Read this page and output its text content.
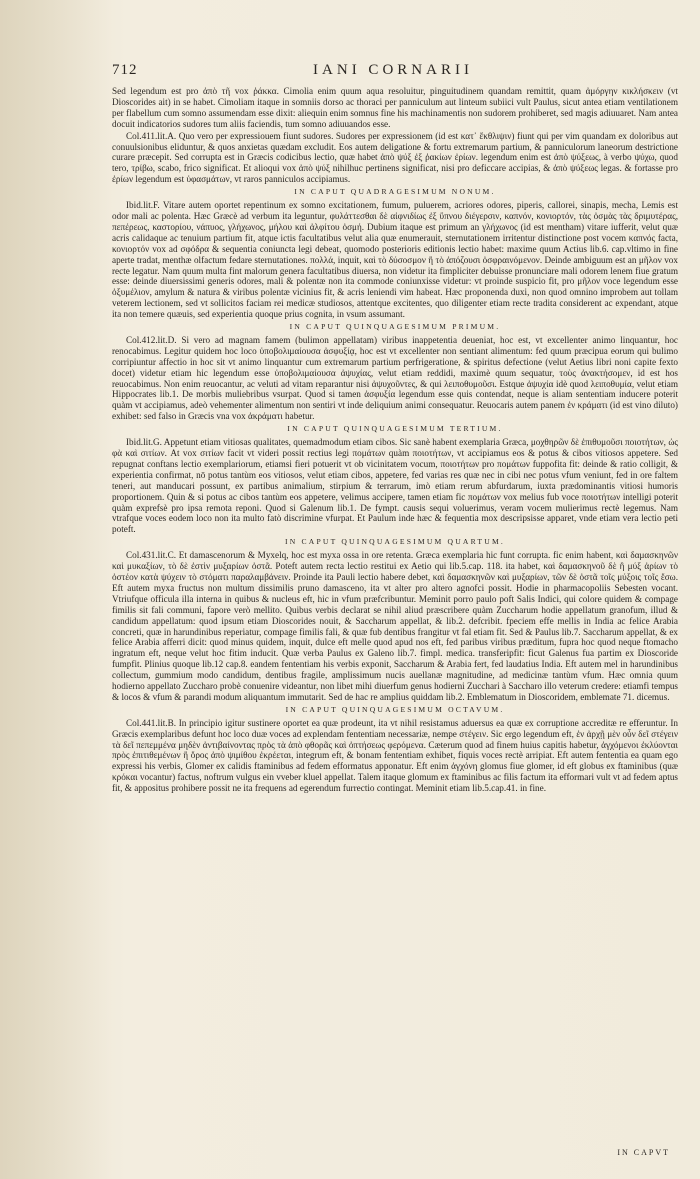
712	IANI CORNARII

Sed legendum est pro ἀπὸ τῆ vox ῥάκκα. Cimolia enim quum aqua resoluitur, pinguitudinem quandam remittit, quam ἀμόργην κικλήσκειν (vt Dioscorides ait) in se habet. Cimoliam itaque in somniis dorso ac thoraci per panniculum aut linteum subiici vult Paulus, sicut antea etiam ventilationem per flabellum cum somno assumendam esse dixit: aliequin enim somnus fine his machinamentis non sudorem prohiberet, sed magis adiuuaret. Nam antea docuit indicatorios sudores tum aliis faciendis, tum somno adiuuandos esse.

Col.411.lit.A. Quo vero per expressiouem fiunt sudores. Sudores per expressionem (id est κατ᾽ ἔκθλιψιν) fiunt qui per vim quandam ex doloribus aut conuulsionibus eliduntur, & quos anxietas quædam excludit. Eos autem deligatione & fortu extremarum partium, & panniculorum laneorum destrictione curare præcepit. Sed corrupta est in Græcis codicibus lectio, quæ habet ἀπὸ ψύξ ἐξ ῥακίων ἐρίων. legendum enim est ἀπὸ ψύξεως, à verbo ψύχω, quod tero, τρίβω, scabo, frico significat. Et alioqui vox ἀπὸ ψύξ nihilhuc pertinens significat, nisi pro deficcare accipias, & ἀπὸ ψύξεως legas. & fortasse pro ἐρίων legendum est ὑφασμάτων, vt raros panniculos accipiamus.

IN CAPUT QUADRAGESIMUM NONUM.

Ibid.lit.F. Vitare autem oportet repentinum ex somno excitationem, fumum, puluerem, acriores odores, piperis, callorei, sinapis, mecha, Lemis est odor mali ac polenta. Hæc Græcè ad verbum ita leguntur, φυλάττεσθαι δὲ αἰφνιδίως ἐξ ὕπνου διέγερσιν, καπνόν, κονιορτόν, τὰς ὀσμὰς τὰς δριμυτέρας, πεπέρεως, καστορίου, νάπυος, γλήχωνος, μήλου καὶ ἀλφίτου ὀσμή. Dubium itaque est primum an γλήχωνος (id est mentham) vitare iufferit, velut quæ acris calidaque ac tenuium partium fit, atque ictis facultatibus velut alia quæ enumerauit, sternutationem irritentur distinctione post vocem καπνός facta, κονιορτόν vox ad σφόδρα & sequentia coniuncta legi debeat, quomodo posterioris editionis lectio habet: maxime quum Actius lib.6. cap.vltimo in fine aperte tradat, menthæ olfactum fedare sternutationes. πολλά, inquit, καὶ τὸ δύσοσμον ἢ τὸ ἀπόζουσι ὀσφραινόμενον. Deinde ambiguum est an μῆλον vox recte legatur. Nam quum multa fint malorum genera facultatibus diuersa, non videtur ita fimpliciter debuisse pronunciare mali odorem lenem fiue gratum esse: deinde diuersissimi generis odores, mali & polentæ non ita commode coniunxisse videtur: vt proinde suspicio fit, pro μῆλον voce legendum esse ὀξυμέλιον, amylum & natura & viribus polentæ vicinius fit, & acris leniendi vim habeat. Hæc proponenda duxi, non quod omnino improbem aut tollam veterem lectionem, sed vt sollicitos faciam rei medicæ studiosos, attentque excitentes, quo diligenter etiam recte tradita considerent ac expendant, atque ita non temere quæuis, sed experientia quoque prius cognita, in vsum assumant.

IN CAPUT QUINQUAGESIMUM PRIMUM.

Col.412.lit.D. Si vero ad magnam famem (bulimon appellatam) viribus inappetentia deueniat, hoc est, vt excellenter animo linquantur, hoc renocabimus. Legitur quidem hoc loco ὑποβολιμαίουσα ἀσφυξίᾳ, hoc est vt excellenter non sentiant alimentum: fed quum præcipua eorum qui bulimo corripiuntur affectio in hoc sit vt animo linquantur cum extremarum partium perfrigeratione, & spiritus defectione (velut Aetius libri noni capite fexto docet) videtur etiam hic legendum esse ὑποβολιμαίουσα ἀψυχίας, velut etiam reddidi, maximè quum sequatur, τοὺς ἀνακτήσομεν, id est hos reuocabimus. Non enim reuocantur, ac veluti ad vitam reparantur nisi ἀψυχοῦντες, & qui λειποθυμοῦσι. Estque ἀψυχία idè quod λειποθυμία, velut etiam Hippocrates lib.1. De morbis muliebribus vsurpat. Quod si tamen ἀσφυξία legendum esse quis contendat, neque is aliam sententiam inducere poterit quàm vt accipiamus, adeò vehementer alimentum non sentiri vt inde deliquium animi consequatur. Reuocaris autem panem ἐν κράματι (id est vino diluto) exhibet: sed falso in Græcis vna vox ἀκράματι habetur.

IN CAPUT QUINQUAGESIMUM TERTIUM.

Ibid.lit.G. Appetunt etiam vitiosas qualitates, quemadmodum etiam cibos. Sic sanè habent exemplaria Græca, μοχθηρῶν δὲ ἐπιθυμοῦσι ποιοτήτων, ὡς φὰ καὶ σιτίων. At vox σιτίων facit vt videri possit rectius legi πομάτων quàm ποιοτήτων, vt accipiamus eos & potus & cibos vitiosos appetere. Sed repugnat conftans lectio exemplariorum, etiamsi fieri potuerit vt ob vicinitatem vocum, ποιοτήτων pro πομάτων fuppofita fit: deinde & ratio colligit, & experientia confirmat, nō potus tantùm eos vitiosos, velut etiam cibos, appetere, fed varias res quæ nec in cibi nec potus vfum veniunt, fed in ore faltem teneri, aut manducari possunt, ex partibus animalium, stirpium & terrarum, imò etiam rerum abfurdarum, iuxta prædominantis vitiosi humoris proportionem. Quin & si potus ac cibos tantùm eos appetere, velimus accipere, tamen etiam fic πομάτων vox melius fub voce ποιοτήτων intelligi poterit quàm exprefsè pro ipsa remota reponi. Quod si Galenum lib.1. De fympt. causis sequi voluerimus, veram vocem mulierimus rectè legemus. Nam vtrafque voces eodem loco non ita multo fatò discrimine vfurpat. Et Paulum inde hæc & fequentia mox descripsisse apparet, vnde etiam vera lectio peti poteft.

IN CAPUT QUINQUAGESIMUM QUARTUM.

Col.431.lit.C. Et damascenorum & Myxelq, hoc est myxa ossa in ore retenta. Græca exemplaria hic funt corrupta. fic enim habent, καὶ δαμασκηνῶν καὶ μυκαξίων, τὸ δὲ ἐστὶν μυξαρίων ὀστᾶ. Poteft autem recta lectio restitui ex Aetio qui lib.5.cap. 118. ita habet, καὶ δαμασκηνοῦ δὲ ἢ μύξ ἀρίων τὸ ὀστέον κατὰ ψύχειν τὸ στόματι παραλαμβάνειν. Proinde ita Pauli lectio habere debet, καὶ δαμασκηνῶν καὶ μυξαρίων, τῶν δὲ ὀστᾶ τοῖς μύξοις τοῖς ἔσω. Eft autem myxa fructus non multum dissimilis pruno damasceno, ita vt alter pro altero agnofci possit. Hodie in pharmacopoliis Sebesten vocant. Vtriufque officula illa interna in quibus & nucleus eft, hic in vfum præfcribuntur. Meminit porro paulo poft Salis Indici, qui colore quidem & compage fimilis sit fali communi, fapore verò mellito. Quibus verbis declarat se nihil aliud præscribere quàm Zuccharum hodie appellatum granofum, illud & candidum appellatum: quod ipsum etiam Dioscorides nouit, & Saccharum appellat, & lib.2. defcribit. fpeciem effe mellis in India ac felice Arabia concreti, quæ in harundinibus reperiatur, compage fimilis fali, & quæ fub dentibus frangitur vt fal etiam fit. Sed & Paulus lib.7. Saccharum appellat, & ex felice Arabia afferri dicit: quod minus quidem, inquit, dulce eft melle quod apud nos eft, fed paribus viribus præditum, fupra hoc quod neque ftomacho ingratum eft, neque velut hoc fitim inducit. Quæ verba Paulus ex Galeno lib.7. fimpl. medica. transferipfit: ficut Galenus fua partim ex Dioscoride fumpfit. Plinius quoque lib.12 cap.8. eandem fententiam his verbis exponit, Saccharum & Arabia fert, fed laudatius India. Eft autem mel in harundinibus collectum, gummium modo candidum, dentibus fragile, amplissimum nucis auellanæ magnitudine, ad medicinæ tantùm vfum. Hæc omnia quum hodierno appellato Zuccharo probè conuenire videantur, non libet mihi diuerfum genus hodierni Zucchari à Saccharo illo veterum credere: etiamfi tempus & locos & vfum & parandi modum aliquantum immutarit. Sed de hac re amplius quiddam lib.2. Emblematum in Dioscoridem, emblemate 71. dicemus.

IN CAPUT QUINQUAGESIMUM OCTAVUM.

Col.441.lit.B. In principio igitur sustinere oportet ea quæ prodeunt, ita vt nihil resistamus aduersus ea quæ ex corruptione accreditæ re efferuntur. In Græcis exemplaribus defunt hoc loco duæ voces ad explendam fententiam necessariæ, nempe στέγειν. Sic ergo legendum eft, ἐν ἀρχῇ μὲν οὖν δεῖ στέγειν τὰ δεῖ πεπεμμένα μηδὲν ἀντιβαίνοντας πρὸς τὰ ἀπὸ φθορᾶς καὶ ὀπτήσεως φερόμενα. Cæterum quod ad finem huius capitis habetur, ἀγχόμενοι ἐκλύονται πρὸς ἐπιτιθεμένων ἢ ὄρος ἀπὸ ψιμίθου ἐκρέεται, integrum eft, & bonam fententiam exhibet, fiquis voces rectè arripiat. Eft autem fententia ea quam ego expressi his verbis, Glomer ex calidis ftaminibus ad fedem efformatus apponatur. Eft enim ἀγχόνη glomus fiue glomer, id eft globus ex ftaminibus (quæ κρόκαι vocantur) factus, noftrum vulgus ein vveber kluel appellat. Talem itaque glomum ex ftaminibus ac filis factum ita efformari vult vt ad fedem aptus fit, & appositus prohibere possit ne ita frequens ad egerendum furrectio contingat. Meminit etiam lib.5.cap.41. in fine.

IN CAPVT
